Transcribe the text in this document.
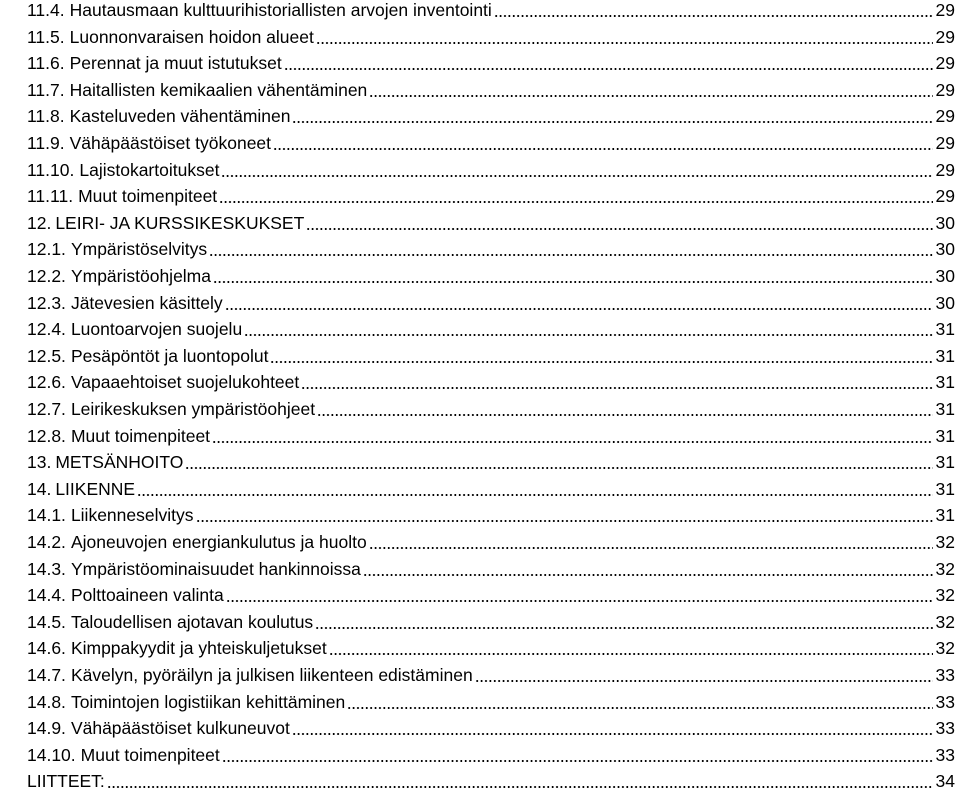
11.4. Hautausmaan kulttuurihistoriallisten arvojen inventointi	29
11.5. Luonnonvaraisen hoidon alueet	29
11.6. Perennat ja muut istutukset	29
11.7. Haitallisten kemikaalien vähentäminen	29
11.8. Kasteluveden vähentäminen	29
11.9. Vähäpäästöiset työkoneet	29
11.10. Lajistokartoitukset	29
11.11. Muut toimenpiteet	29
12. LEIRI- JA KURSSIKESKUKSET	30
12.1. Ympäristöselvitys	30
12.2. Ympäristöohjelma	30
12.3. Jätevesien käsittely	30
12.4. Luontoarvojen suojelu	31
12.5. Pesäpöntöt ja luontopolut	31
12.6. Vapaaehtoiset suojelukohteet	31
12.7. Leirikeskuksen ympäristöohjeet	31
12.8. Muut toimenpiteet	31
13. METSÄNHOITO	31
14. LIIKENNE	31
14.1. Liikenneselvitys	31
14.2. Ajoneuvojen energiankulutus ja huolto	32
14.3. Ympäristöominaisuudet hankinnoissa	32
14.4. Polttoaineen valinta	32
14.5. Taloudellisen ajotavan koulutus	32
14.6. Kimppakyydit ja yhteiskuljetukset	32
14.7. Kävelyn, pyöräilyn ja julkisen liikenteen edistäminen	33
14.8. Toimintojen logistiikan kehittäminen	33
14.9. Vähäpäästöiset kulkuneuvot	33
14.10. Muut toimenpiteet	33
LIITTEET:	34
